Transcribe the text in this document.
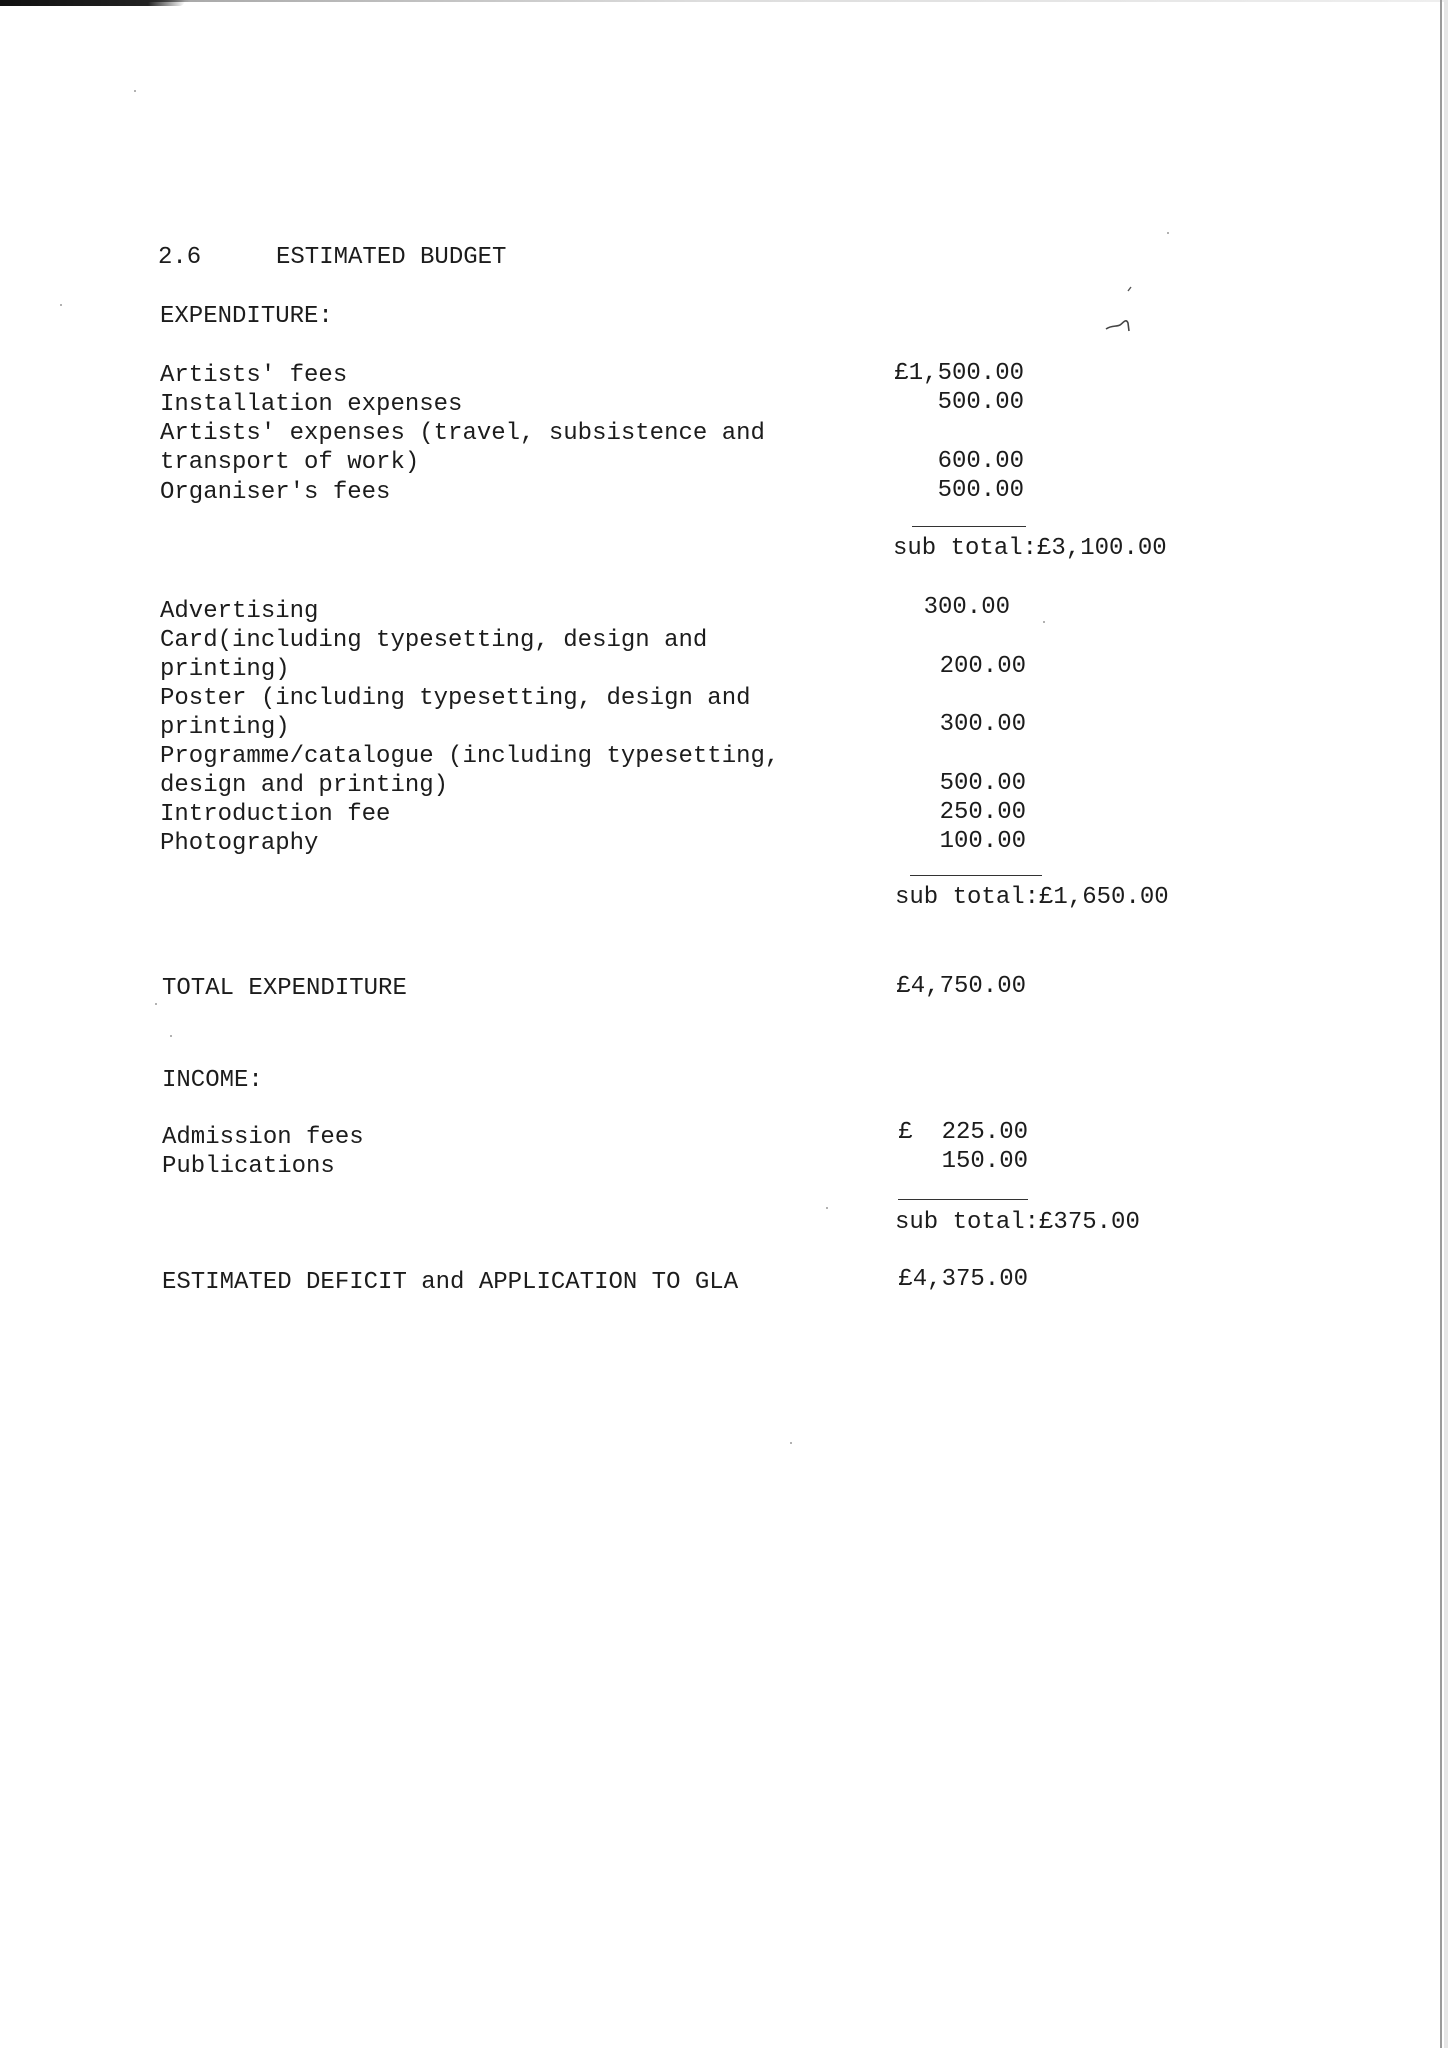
2.6	ESTIMATED BUDGET
EXPENDITURE:
Artists' fees	£1,500.00
Installation expenses	500.00
Artists' expenses (travel, subsistence and
transport of work)	600.00
Organiser's fees	500.00
sub total:£3,100.00
Advertising	300.00
Card(including typesetting, design and
printing)	200.00
Poster (including typesetting, design and
printing)	300.00
Programme/catalogue (including typesetting,
design and printing)	500.00
Introduction fee	250.00
Photography	100.00
sub total:£1,650.00
TOTAL EXPENDITURE	£4,750.00
INCOME:
Admission fees	£  225.00
Publications	150.00
sub total:£375.00
ESTIMATED DEFICIT and APPLICATION TO GLA	£4,375.00
